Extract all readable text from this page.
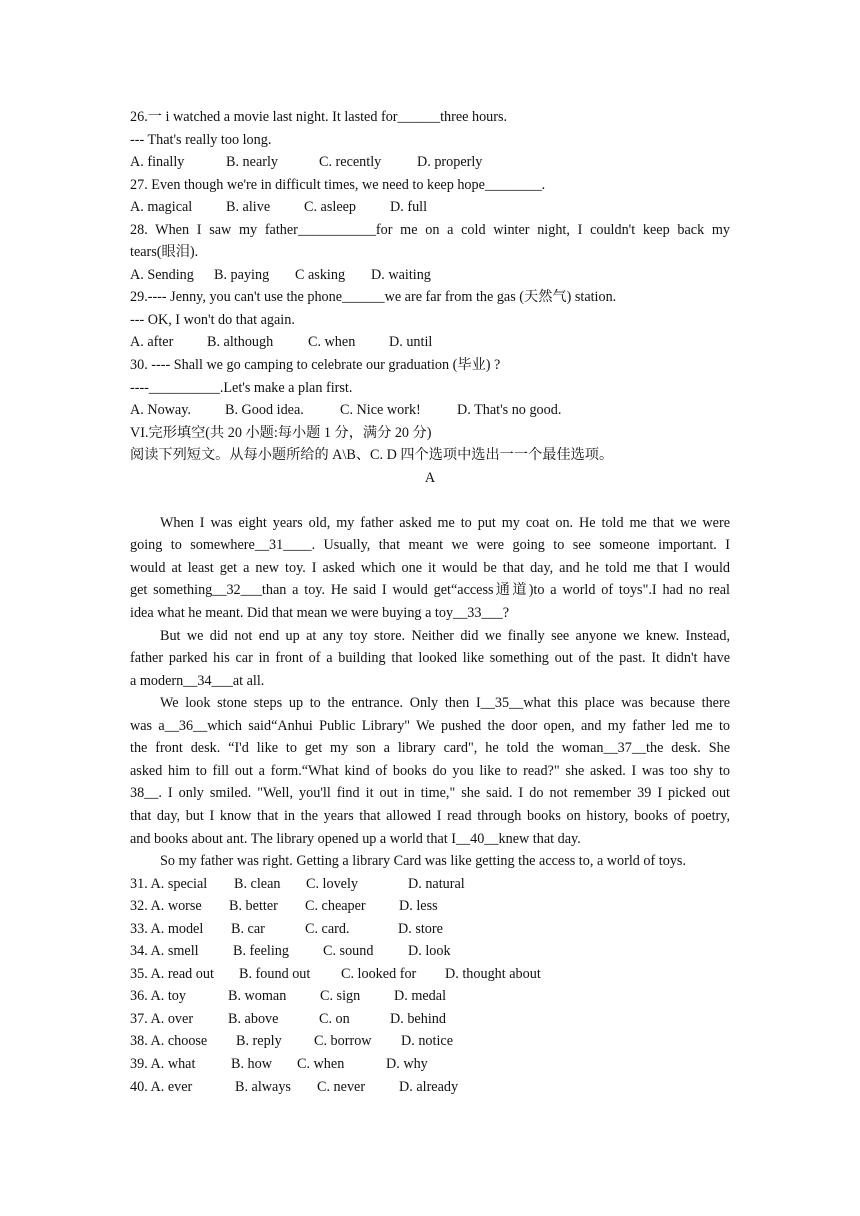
26.一 i watched a movie last night. It lasted for______three hours.
--- That's really too long.
A. finally	B. nearly	C. recently	D. properly
27. Even though we're in difficult times, we need to keep hope________.
A. magical B. alive C. asleep D. full
28. When I saw my father___________for me on a cold winter night, I couldn't keep back my
tears(眼泪).
A. Sending B. paying C asking D. waiting
29.---- Jenny, you can't use the phone______we are far from the gas (天然气) station.
--- OK, I won't do that again.
A. after B. although C. when D. until
30. ---- Shall we go camping to celebrate our graduation (毕业) ?
----__________.Let's make a plan first.
A. Noway. B. Good idea.	C. Nice work!	D. That's no good.
VI.完形填空(共 20 小题:每小题 1 分，满分 20 分)
阅读下列短文。从每小题所给的 A\B、C. D 四个选项中选出一一个最佳选项。
A
When I was eight years old, my father asked me to put my coat on. He told me that we were
going to somewhere__31____. Usually, that meant we were going to see someone important. I
would at least get a new toy. I asked which one it would be that day, and he told me that I would
get something__32___than a toy. He said I would get“access通道)to a world of toys".I had no real
idea what he meant. Did that mean we were buying a toy__33___?
But we did not end up at any toy store. Neither did we finally see anyone we knew. Instead,
father parked his car in front of a building that looked like something out of the past. It didn't have
a modern__34___at all.
We look stone steps up to the entrance. Only then I__35__what this place was because there
was a__36__which said“Anhui Public Library" We pushed the door open, and my father led me to
the front desk. “I'd like to get my son a library card", he told the woman__37__the desk. She
asked him to fill out a form.“What kind of books do you like to read?" she asked. I was too shy to
38__. I only smiled. "Well, you'll find it out in time," she said. I do not remember 39 I picked out
that day, but I know that in the years that allowed I read through books on history, books of poetry,
and books about ant. The library opened up a world that I__40__knew that day.
So my father was right. Getting a library Card was like getting the access to, a world of toys.
31. A. special B. clean C. lovely	D. natural
32. A. worse B. better C. cheaper D. less
33. A. model B. car	C. card.	D. store
34. A. smell B. feeling C. sound D. look
35. A. read out B. found out C. looked for D. thought about
36. A. toy	B. woman C. sign D. medal
37. A. over B. above	C. on	D. behind
38. A. choose B. reply C. borrow D. notice
39. A. what	B. how C. when	D. why
40. A. ever	B. always C. never D. already
